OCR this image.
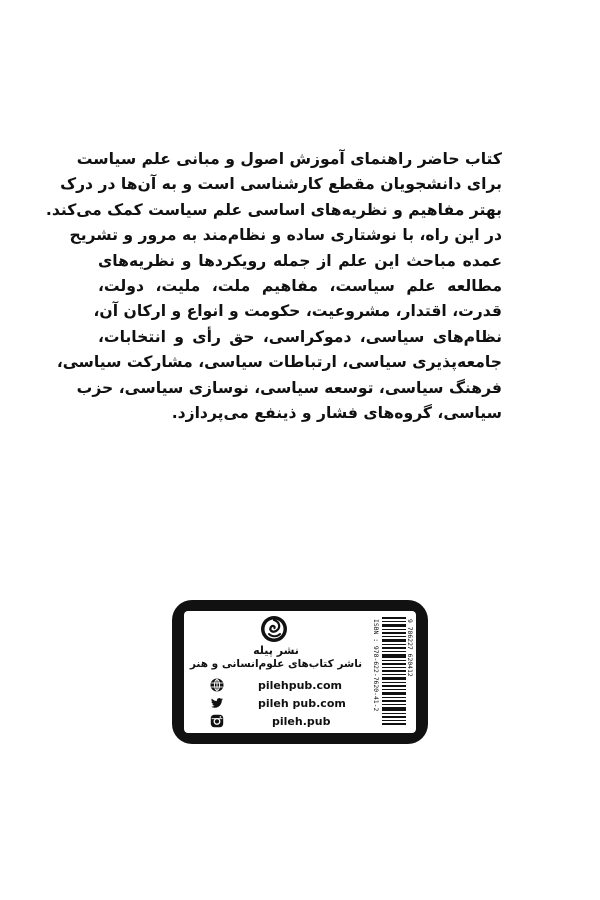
کتاب حاضر راهنمای آموزش اصول و مبانی علم سیاست
برای دانشجویان مقطع کارشناسی است و به آن‌ها در درک
بهتر مفاهیم و نظریه‌های اساسی علم سیاست کمک می‌کند.
در این راه، با نوشتاری ساده و نظام‌مند به مرور و تشریح
عمده مباحث این علم از جمله رویکردها و نظریه‌های
مطالعه علم سیاست، مفاهیم ملت، ملیت، دولت،
قدرت، اقتدار، مشروعیت، حکومت و انواع و ارکان آن،
نظام‌های سیاسی، دموکراسی، حق رأی و انتخابات،
جامعه‌پذیری سیاسی، ارتباطات سیاسی، مشارکت سیاسی،
فرهنگ سیاسی، توسعه سیاسی، نوسازی سیاسی، حزب
سیاسی، گروه‌های فشار و ذینفع می‌پردازد.
ISBN : 978-622-7620-41-2	9 786227 620412

نشر پیله

ناشر کتاب‌های علوم‌انسانی و هنر

pilehpub.com
pileh pub.com
pileh.pub
